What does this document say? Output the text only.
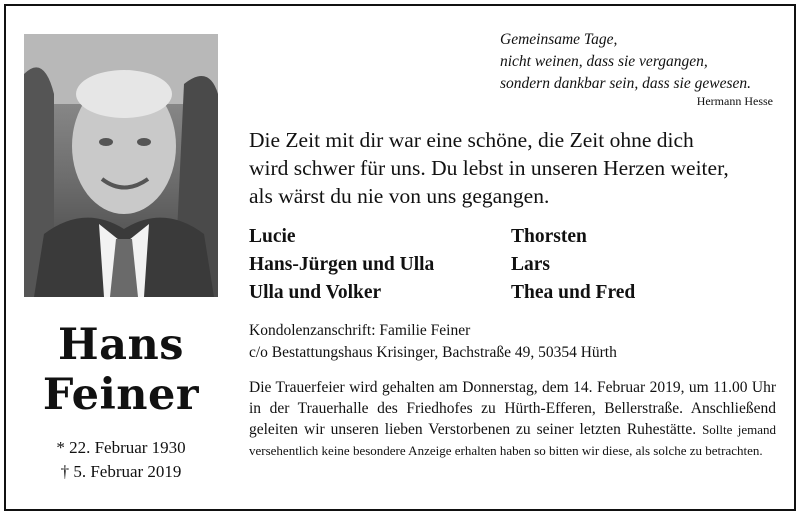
Hans
Feiner
* 22. Februar 1930
† 5. Februar 2019
Gemeinsame Tage,
nicht weinen, dass sie vergangen,
sondern dankbar sein, dass sie gewesen.
Hermann Hesse
Die Zeit mit dir war eine schöne, die Zeit ohne dich
wird schwer für uns. Du lebst in unseren Herzen weiter,
als wärst du nie von uns gegangen.
Lucie
Hans-Jürgen und Ulla
Ulla und Volker
Thorsten
Lars
Thea und Fred
Kondolenzanschrift: Familie Feiner
c/o Bestattungshaus Krisinger, Bachstraße 49, 50354 Hürth
Die Trauerfeier wird gehalten am Donnerstag, dem 14. Februar 2019, um 11.00 Uhr in der Trauerhalle des Friedhofes zu Hürth-Efferen, Bellerstraße. Anschließend geleiten wir unseren lieben Verstorbenen zu seiner letzten Ruhestätte. Sollte jemand versehentlich keine besondere Anzeige erhalten haben so bitten wir diese, als solche zu betrachten.
